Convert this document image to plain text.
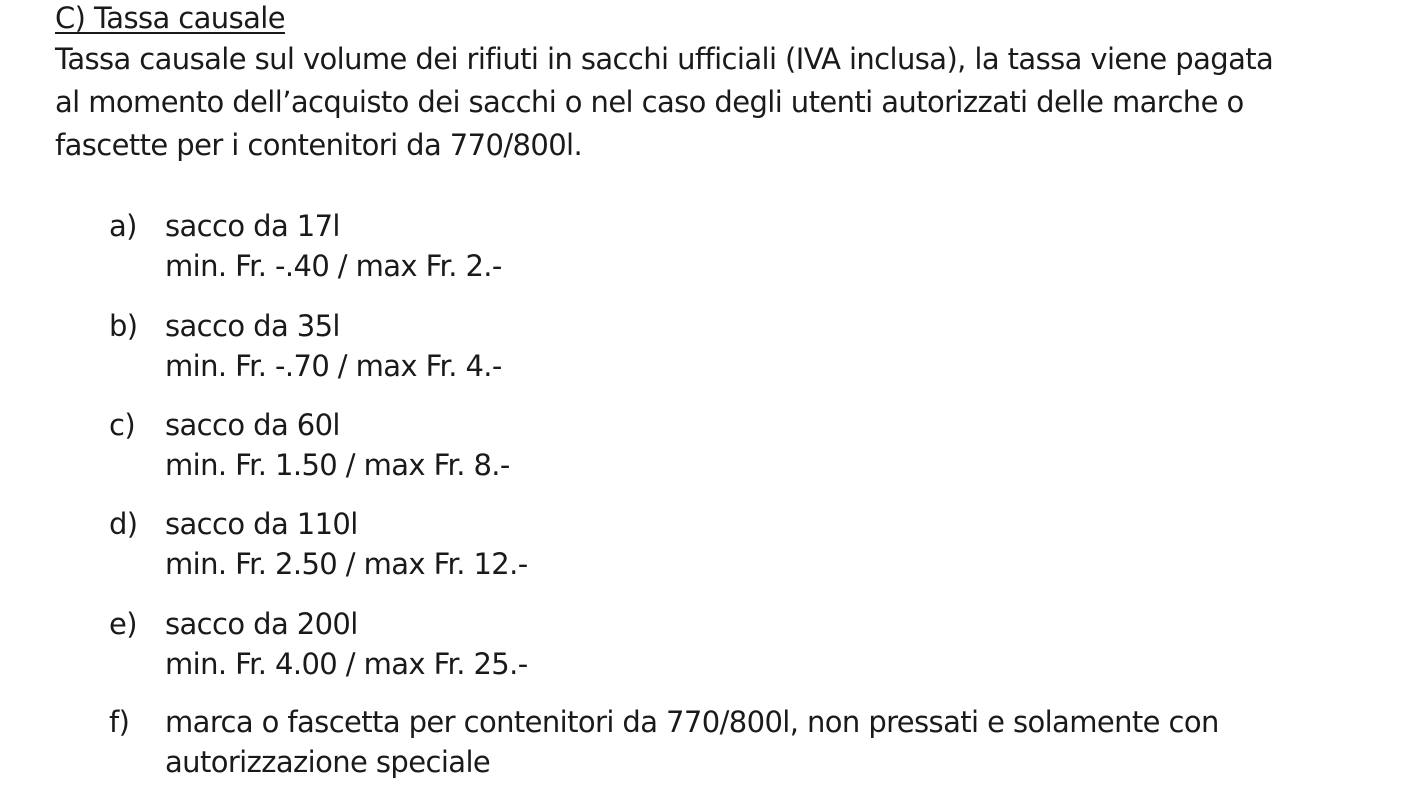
C) Tassa causale
Tassa causale sul volume dei rifiuti in sacchi ufficiali (IVA inclusa), la tassa viene pagata
al momento dell’acquisto dei sacchi o nel caso degli utenti autorizzati delle marche o
fascette per i contenitori da 770/800l.
a) sacco da 17l
min. Fr. -.40 / max Fr. 2.-
b) sacco da 35l
min. Fr. -.70 / max Fr. 4.-
c)	sacco da 60l
min. Fr. 1.50 / max Fr. 8.-
d) sacco da 110l
min. Fr. 2.50 / max Fr. 12.-
e) sacco da 200l
min. Fr. 4.00 / max Fr. 25.-
f)	marca o fascetta per contenitori da 770/800l, non pressati e solamente con
autorizzazione speciale
